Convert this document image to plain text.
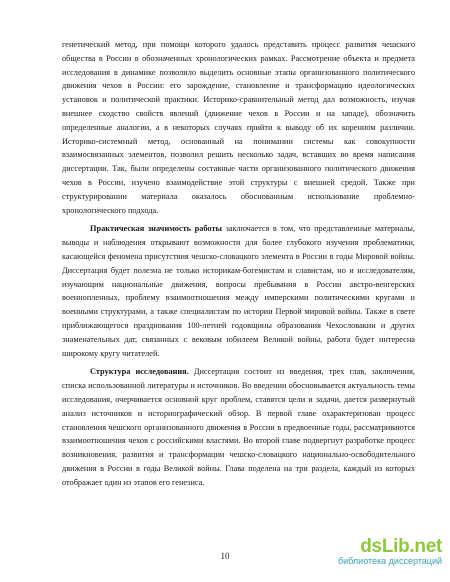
генетический метод, при помощи которого удалось представить процесс развития чешского общества в России в обозначенных хронологических рамках. Рассмотрение объекта и предмета исследования в динамике позволило выделить основные этапы организованного политического движения чехов в России: его зарождение, становление и трансформацию идеологических установок и политической практики. Историко-сравнительный метод дал возможность, изучая внешнее сходство свойств явлений (движение чехов в России и на западе), обозначить определенные аналогии, а в некоторых случаях прийти к выводу об их коренном различии. Историко-системный метод, основанный на понимании системы как совокупности взаимосвязанных элементов, позволил решить несколько задач, вставших во время написания диссертации. Так, были определены составные части организованного политического движения чехов в России, изучено взаимодействие этой структуры с внешней средой. Также при структурировании материала оказалось обоснованным использование проблемно-хронологического подхода.

Практическая значимость работы заключается в том, что представленные материалы, выводы и наблюдения открывают возможности для более глубокого изучения проблематики, касающейся феномена присутствия чешско-словацкого элемента в России в годы Мировой войны. Диссертация будет полезна не только историкам-богемистам и славистам, но и исследователям, изучающим национальные движения, вопросы пребывания в России австро-венгерских военнопленных, проблему взаимоотношения между имперскими политическими кругами и военными структурами, а также специалистам по истории Первой мировой войны. Также в свете приближающегося празднования 100-летней годовщины образования Чехословакии и других знаменательных дат, связанных с вековым юбилеем Великой войны, работа будет интересна широкому кругу читателей.

Структура исследования. Диссертация состоит из введения, трех глав, заключения, списка использованной литературы и источников. Во введении обосновывается актуальность темы исследования, очерчивается основной круг проблем, ставятся цели и задачи, дается развернутый анализ источников и историографический обзор. В первой главе охарактеризован процесс становления чешского организованного движения в России в предвоенные годы, рассматриваются взаимоотношения чехов с российскими властями. Во второй главе подвергнут разработке процесс возникновения, развития и трансформации чешско-словацкого национально-освободительного движения в России в годы Великой войны. Глава поделена на три раздела, каждый из которых отображает один из этапов его генезиса.

10	dsLib.net
библиотека диссертаций
